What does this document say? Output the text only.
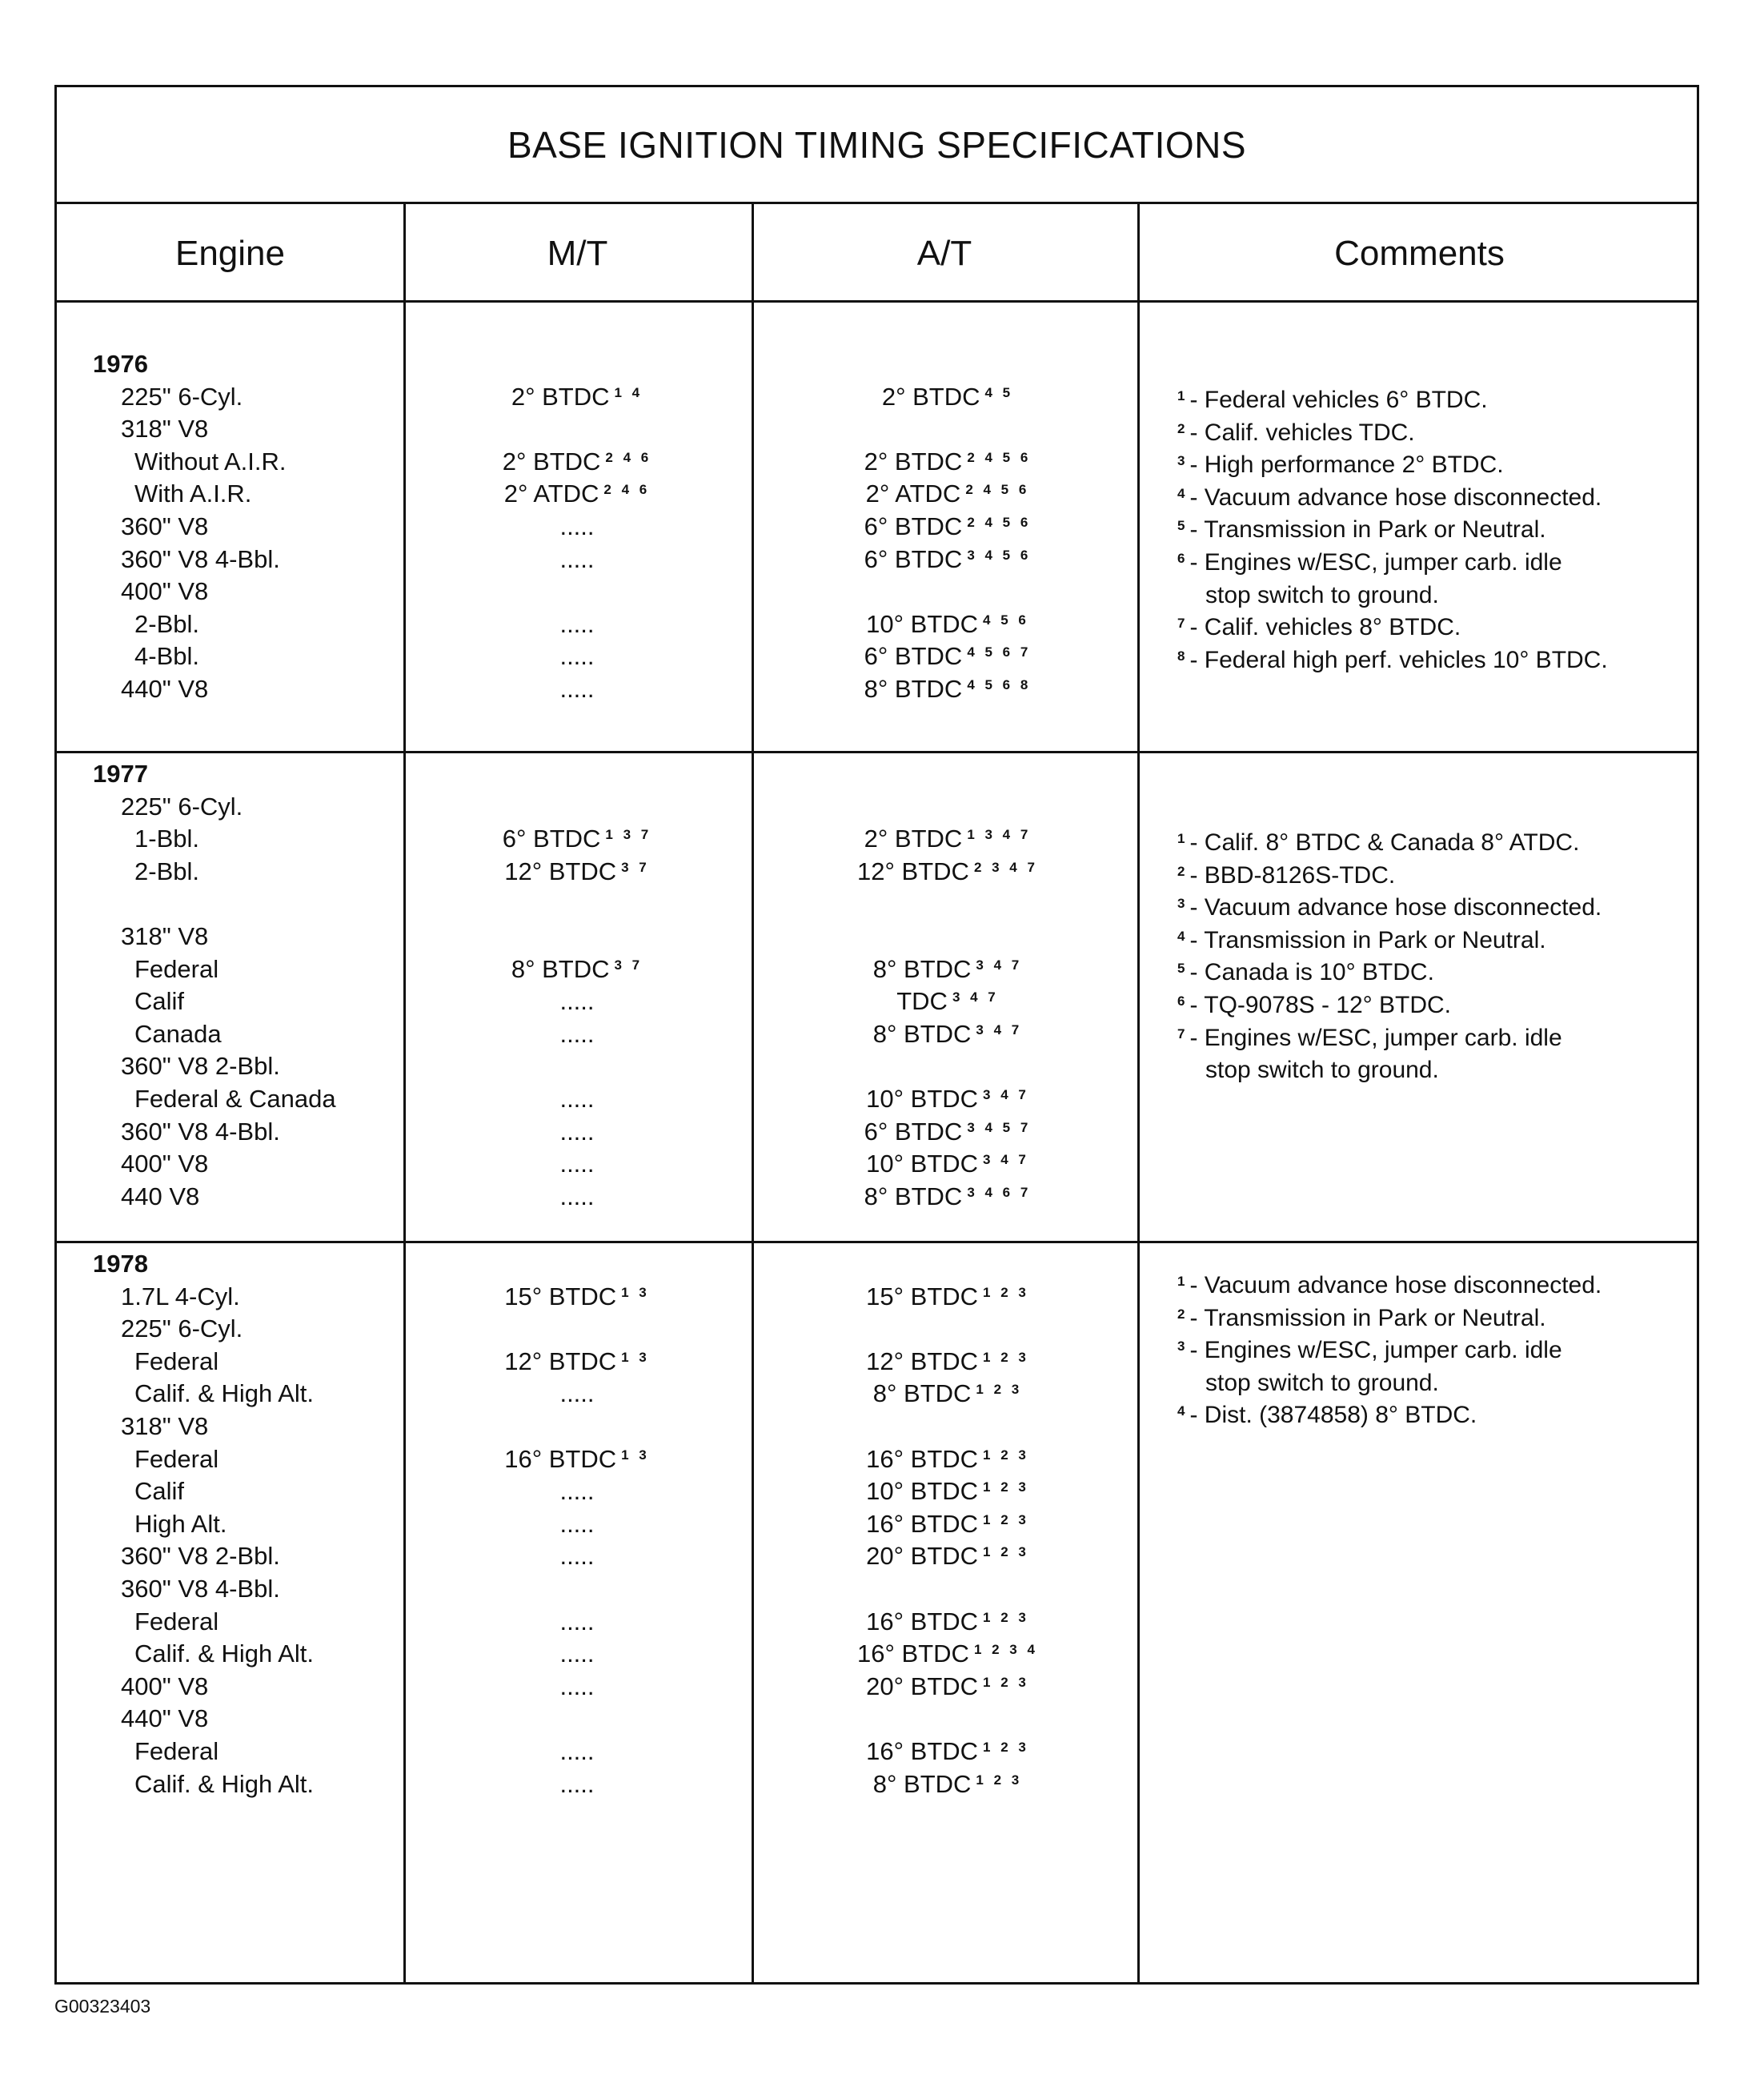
BASE IGNITION TIMING SPECIFICATIONS
Engine	M/T	A/T	Comments
1976
225" 6-Cyl.	2° BTDC $^{1 4}$	2° BTDC $^{4 5}$
318" V8
Without A.I.R.	2° BTDC $^{2 4 6}$	2° BTDC $^{2 4 5 6}$
With A.I.R.	2° ATDC $^{2 4 6}$	2° ATDC $^{2 4 5 6}$
360" V8	.....	6° BTDC $^{2 4 5 6}$
360" V8 4-Bbl.	.....	6° BTDC $^{3 4 5 6}$
400" V8
2-Bbl.	.....	10° BTDC $^{4 5 6}$
4-Bbl.	.....	6° BTDC $^{4 5 6 7}$
440" V8	.....	8° BTDC $^{4 5 6 8}$
$^1$ - Federal vehicles 6° BTDC.
$^2$ - Calif. vehicles TDC.
$^3$ - High performance 2° BTDC.
$^4$ - Vacuum advance hose disconnected.
$^5$ - Transmission in Park or Neutral.
$^6$ - Engines w/ESC, jumper carb. idle
stop switch to ground.
$^7$ - Calif. vehicles 8° BTDC.
$^8$ - Federal high perf. vehicles 10° BTDC.
1977
225" 6-Cyl.
1-Bbl.	6° BTDC $^{1 3 7}$	2° BTDC $^{1 3 4 7}$
2-Bbl.	12° BTDC $^{3 7}$	12° BTDC $^{2 3 4 7}$
318" V8
Federal	8° BTDC $^{3 7}$	8° BTDC $^{3 4 7}$
Calif	.....	TDC $^{3 4 7}$
Canada	.....	8° BTDC $^{3 4 7}$
360" V8 2-Bbl.
Federal & Canada	.....	10° BTDC $^{3 4 7}$
360" V8 4-Bbl.	.....	6° BTDC $^{3 4 5 7}$
400" V8	.....	10° BTDC $^{3 4 7}$
440 V8	.....	8° BTDC $^{3 4 6 7}$
$^1$ - Calif. 8° BTDC & Canada 8° ATDC.
$^2$ - BBD-8126S-TDC.
$^3$ - Vacuum advance hose disconnected.
$^4$ - Transmission in Park or Neutral.
$^5$ - Canada is 10° BTDC.
$^6$ - TQ-9078S - 12° BTDC.
$^7$ - Engines w/ESC, jumper carb. idle
stop switch to ground.
1978
1.7L 4-Cyl.	15° BTDC $^{1 3}$	15° BTDC $^{1 2 3}$
225" 6-Cyl.
Federal	12° BTDC $^{1 3}$	12° BTDC $^{1 2 3}$
Calif. & High Alt.	.....	8° BTDC $^{1 2 3}$
318" V8
Federal	16° BTDC $^{1 3}$	16° BTDC $^{1 2 3}$
Calif	.....	10° BTDC $^{1 2 3}$
High Alt.	.....	16° BTDC $^{1 2 3}$
360" V8 2-Bbl.	.....	20° BTDC $^{1 2 3}$
360" V8 4-Bbl.
Federal	.....	16° BTDC $^{1 2 3}$
Calif. & High Alt.	.....	16° BTDC $^{1 2 3 4}$
400" V8	.....	20° BTDC $^{1 2 3}$
440" V8
Federal	.....	16° BTDC $^{1 2 3}$
Calif. & High Alt.	.....	8° BTDC $^{1 2 3}$
$^1$ - Vacuum advance hose disconnected.
$^2$ - Transmission in Park or Neutral.
$^3$ - Engines w/ESC, jumper carb. idle
stop switch to ground.
$^4$ - Dist. (3874858) 8° BTDC.
G00323403
